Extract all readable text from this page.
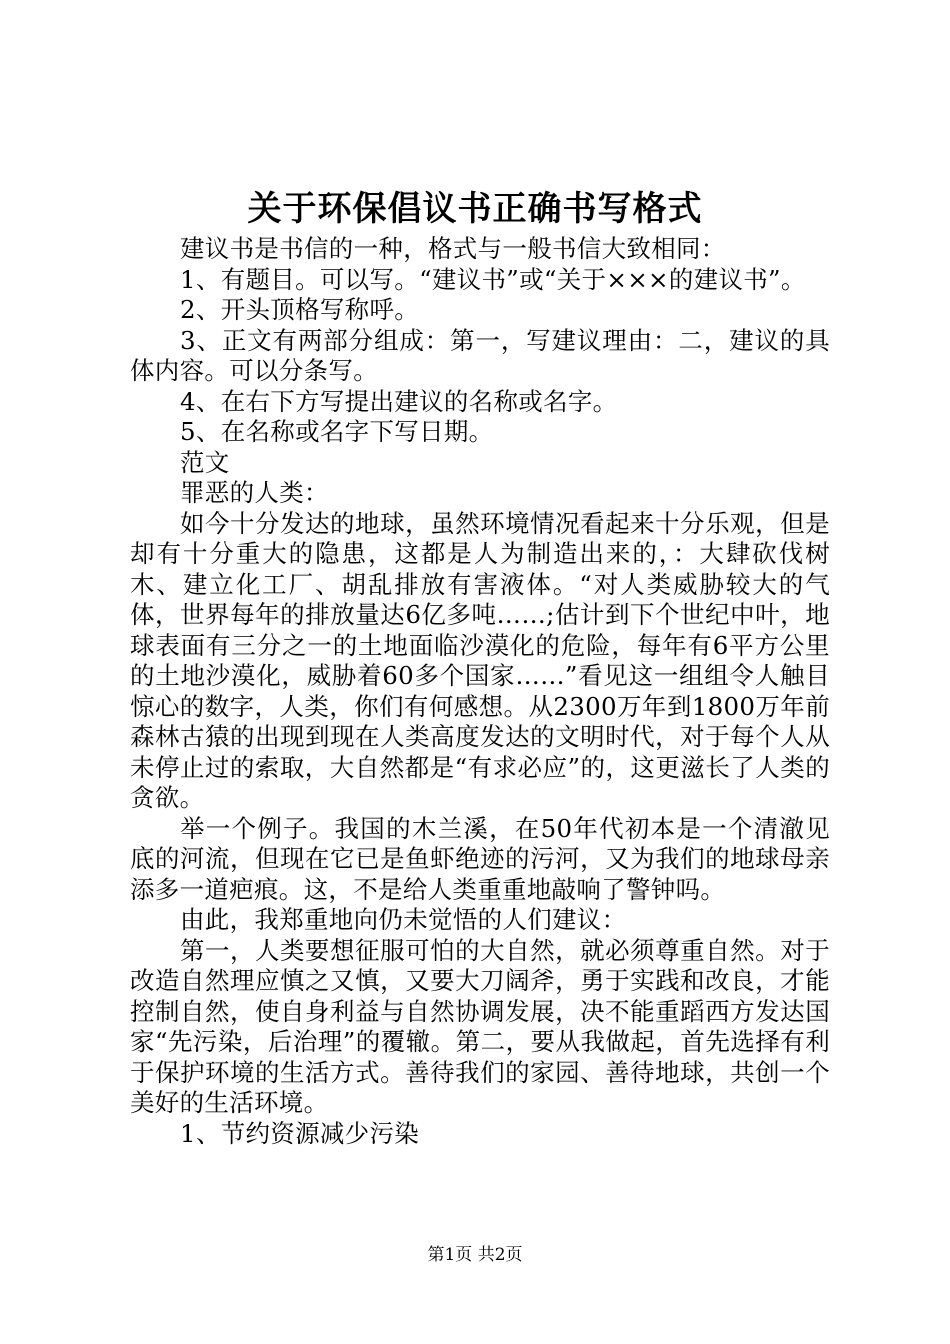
关于环保倡议书正确书写格式

建议书是书信的一种，格式与一般书信大致相同：

1、有题目。可以写。“建议书”或“关于×××的建议书”。

2、开头顶格写称呼。

3、正文有两部分组成：第一，写建议理由：二，建议的具体内容。可以分条写。

4、在右下方写提出建议的名称或名字。

5、在名称或名字下写日期。

范文

罪恶的人类：

如今十分发达的地球，虽然环境情况看起来十分乐观，但是却有十分重大的隐患，这都是人为制造出来的，：大肆砍伐树木、建立化工厂、胡乱排放有害液体。“对人类威胁较大的气体，世界每年的排放量达6亿多吨……;估计到下个世纪中叶，地球表面有三分之一的土地面临沙漠化的危险，每年有6平方公里的土地沙漠化，威胁着60多个国家……”看见这一组组令人触目惊心的数字，人类，你们有何感想。从2300万年到1800万年前森林古猿的出现到现在人类高度发达的文明时代，对于每个人从未停止过的索取，大自然都是“有求必应”的，这更滋长了人类的贪欲。

举一个例子。我国的木兰溪，在50年代初本是一个清澈见底的河流，但现在它已是鱼虾绝迹的污河，又为我们的地球母亲添多一道疤痕。这，不是给人类重重地敲响了警钟吗。

由此，我郑重地向仍未觉悟的人们建议：

第一，人类要想征服可怕的大自然，就必须尊重自然。对于改造自然理应慎之又慎，又要大刀阔斧，勇于实践和改良，才能控制自然，使自身利益与自然协调发展，决不能重蹈西方发达国家“先污染，后治理”的覆辙。第二，要从我做起，首先选择有利于保护环境的生活方式。善待我们的家园、善待地球，共创一个美好的生活环境。

1、节约资源减少污染

第1页 共2页
